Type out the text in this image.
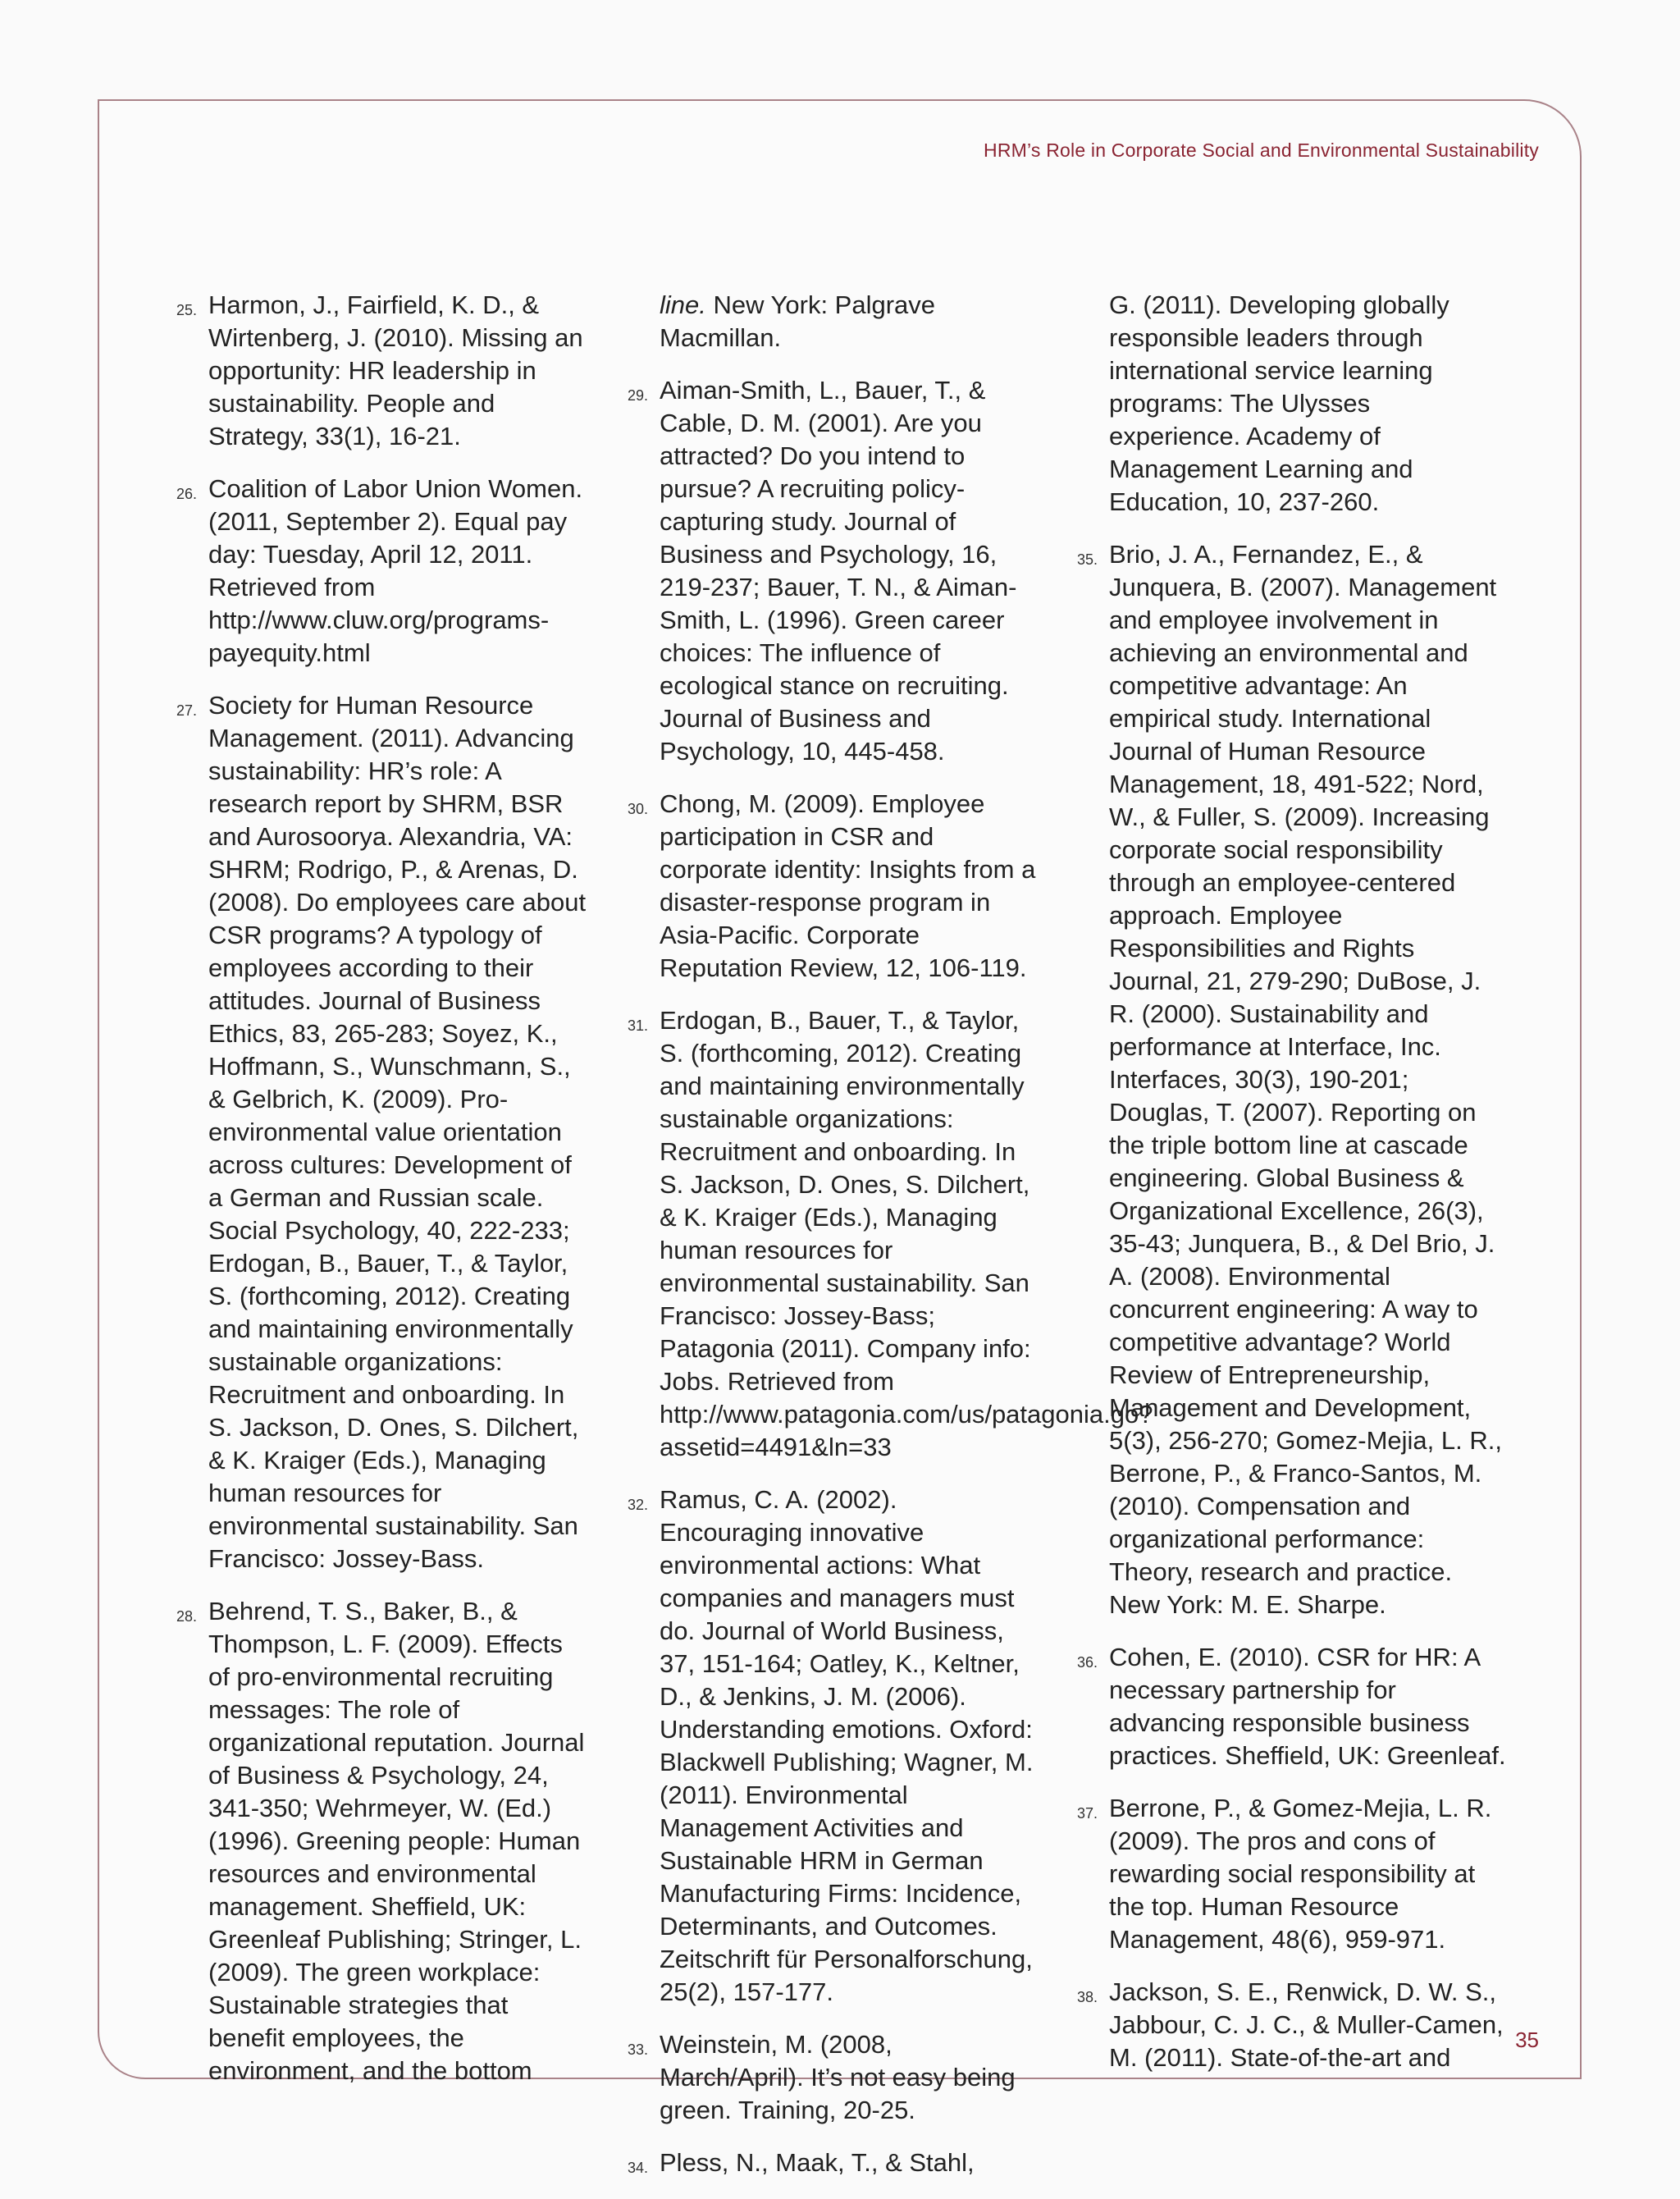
HRM’s Role in Corporate Social and Environmental Sustainability
25. Harmon, J., Fairfield, K. D., & Wirtenberg, J. (2010). Missing an opportunity: HR leadership in sustainability. People and Strategy, 33(1), 16-21.
26. Coalition of Labor Union Women. (2011, September 2). Equal pay day: Tuesday, April 12, 2011. Retrieved from http://www.cluw.org/programs-payequity.html
27. Society for Human Resource Management. (2011). Advancing sustainability: HR’s role: A research report by SHRM, BSR and Aurosoorya. Alexandria, VA: SHRM; Rodrigo, P., & Arenas, D. (2008). Do employees care about CSR programs? A typology of employees according to their attitudes. Journal of Business Ethics, 83, 265-283; Soyez, K., Hoffmann, S., Wunschmann, S., & Gelbrich, K. (2009). Pro-environmental value orientation across cultures: Development of a German and Russian scale. Social Psychology, 40, 222-233; Erdogan, B., Bauer, T., & Taylor, S. (forthcoming, 2012). Creating and maintaining environmentally sustainable organizations: Recruitment and onboarding. In S. Jackson, D. Ones, S. Dilchert, & K. Kraiger (Eds.), Managing human resources for environmental sustainability. San Francisco: Jossey-Bass.
28. Behrend, T. S., Baker, B., & Thompson, L. F. (2009). Effects of pro-environmental recruiting messages: The role of organizational reputation. Journal of Business & Psychology, 24, 341-350; Wehrmeyer, W. (Ed.) (1996). Greening people: Human resources and environmental management. Sheffield, UK: Greenleaf Publishing; Stringer, L. (2009). The green workplace: Sustainable strategies that benefit employees, the environment, and the bottom
line. New York: Palgrave Macmillan.
29. Aiman-Smith, L., Bauer, T., & Cable, D. M. (2001). Are you attracted? Do you intend to pursue? A recruiting policy-capturing study. Journal of Business and Psychology, 16, 219-237; Bauer, T. N., & Aiman-Smith, L. (1996). Green career choices: The influence of ecological stance on recruiting. Journal of Business and Psychology, 10, 445-458.
30. Chong, M. (2009). Employee participation in CSR and corporate identity: Insights from a disaster-response program in Asia-Pacific. Corporate Reputation Review, 12, 106-119.
31. Erdogan, B., Bauer, T., & Taylor, S. (forthcoming, 2012). Creating and maintaining environmentally sustainable organizations: Recruitment and onboarding. In S. Jackson, D. Ones, S. Dilchert, & K. Kraiger (Eds.), Managing human resources for environmental sustainability. San Francisco: Jossey-Bass; Patagonia (2011). Company info: Jobs. Retrieved from http://www.patagonia.com/us/patagonia.go?assetid=4491&ln=33
32. Ramus, C. A. (2002). Encouraging innovative environmental actions: What companies and managers must do. Journal of World Business, 37, 151-164; Oatley, K., Keltner, D., & Jenkins, J. M. (2006). Understanding emotions. Oxford: Blackwell Publishing; Wagner, M. (2011). Environmental Management Activities and Sustainable HRM in German Manufacturing Firms: Incidence, Determinants, and Outcomes. Zeitschrift für Personalforschung, 25(2), 157-177.
33. Weinstein, M. (2008, March/April). It’s not easy being green. Training, 20-25.
34. Pless, N., Maak, T., & Stahl,
G. (2011). Developing globally responsible leaders through international service learning programs: The Ulysses experience. Academy of Management Learning and Education, 10, 237-260.
35. Brio, J. A., Fernandez, E., & Junquera, B. (2007). Management and employee involvement in achieving an environmental and competitive advantage: An empirical study. International Journal of Human Resource Management, 18, 491-522; Nord, W., & Fuller, S. (2009). Increasing corporate social responsibility through an employee-centered approach. Employee Responsibilities and Rights Journal, 21, 279-290; DuBose, J. R. (2000). Sustainability and performance at Interface, Inc. Interfaces, 30(3), 190-201; Douglas, T. (2007). Reporting on the triple bottom line at cascade engineering. Global Business & Organizational Excellence, 26(3), 35-43; Junquera, B., & Del Brio, J. A. (2008). Environmental concurrent engineering: A way to competitive advantage? World Review of Entrepreneurship, Management and Development, 5(3), 256-270; Gomez-Mejia, L. R., Berrone, P., & Franco-Santos, M. (2010). Compensation and organizational performance: Theory, research and practice. New York: M. E. Sharpe.
36. Cohen, E. (2010). CSR for HR: A necessary partnership for advancing responsible business practices. Sheffield, UK: Greenleaf.
37. Berrone, P., & Gomez-Mejia, L. R. (2009). The pros and cons of rewarding social responsibility at the top. Human Resource Management, 48(6), 959-971.
38. Jackson, S. E., Renwick, D. W. S., Jabbour, C. J. C., & Muller-Camen, M. (2011). State-of-the-art and
35
